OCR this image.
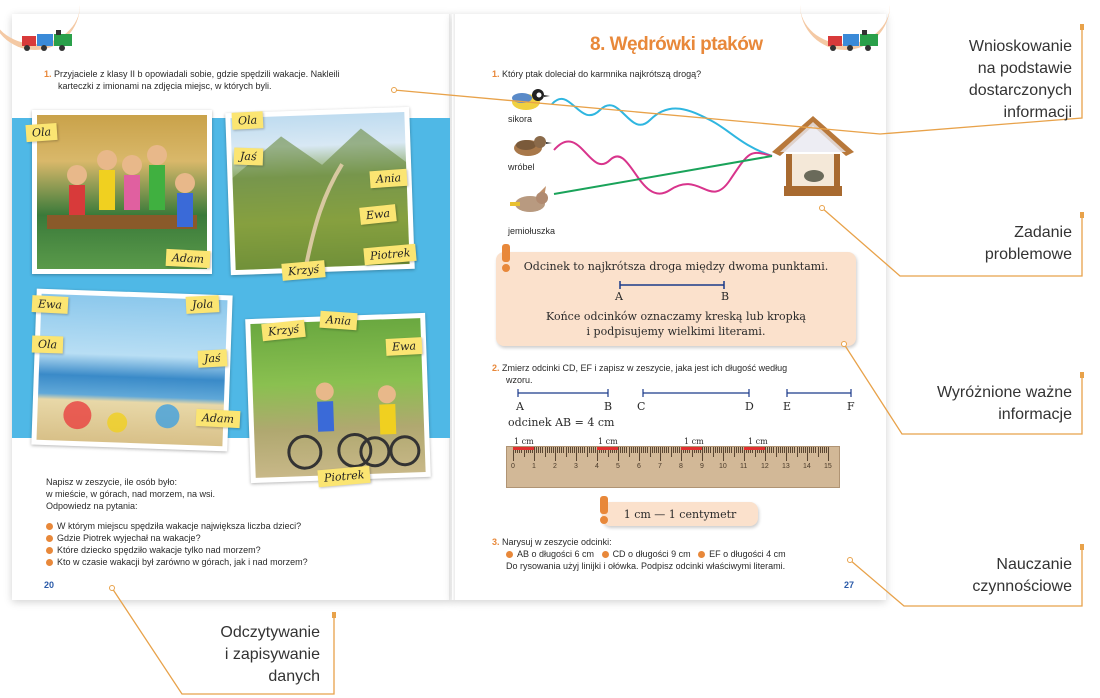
1. Przyjaciele z klasy II b opowiadali sobie, gdzie spędzili wakacje. Nakleili
karteczki z imionami na zdjęcia miejsc, w których byli.
Ola
Adam
Ola
Jaś
Ania
Ewa
Piotrek
Krzyś
Ewa	Jola
Ola
Jaś
Adam
Krzyś
Ania
Ewa
Piotrek
Napisz w zeszycie, ile osób było:
w mieście, w górach, nad morzem, na wsi.
Odpowiedz na pytania:
W którym miejscu spędziła wakacje największa liczba dzieci?
Gdzie Piotrek wyjechał na wakacje?
Które dziecko spędziło wakacje tylko nad morzem?
Kto w czasie wakacji był zarówno w górach, jak i nad morzem?
20
8. Wędrówki ptaków
1. Który ptak doleciał do karmnika najkrótszą drogą?
sikora
wróbel
jemiołuszka
Odcinek to najkrótsza droga między dwoma punktami.
A	B
Końce odcinków oznaczamy kreską lub kropką
i podpisujemy wielkimi literami.
2. Zmierz odcinki CD, EF i zapisz w zeszycie, jaka jest ich długość według
wzoru.
A	B C	D	E	F
odcinek AB = 4 cm
1 cm	1 cm	1 cm	1 cm
0 1 2 3 4 5 6 7 8 9 10 11 12 13 14 15
1 cm — 1 centymetr
3. Narysuj w zeszycie odcinki:
AB o długości 6 cm CD o długości 9 cm EF o długości 4 cm
Do rysowania użyj linijki i ołówka. Podpisz odcinki właściwymi literami.
27
Wnioskowanie
na podstawie
dostarczonych
informacji
Zadanie
problemowe
Wyróżnione ważne
informacje
Nauczanie
czynnościowe
Odczytywanie
i zapisywanie
danych
